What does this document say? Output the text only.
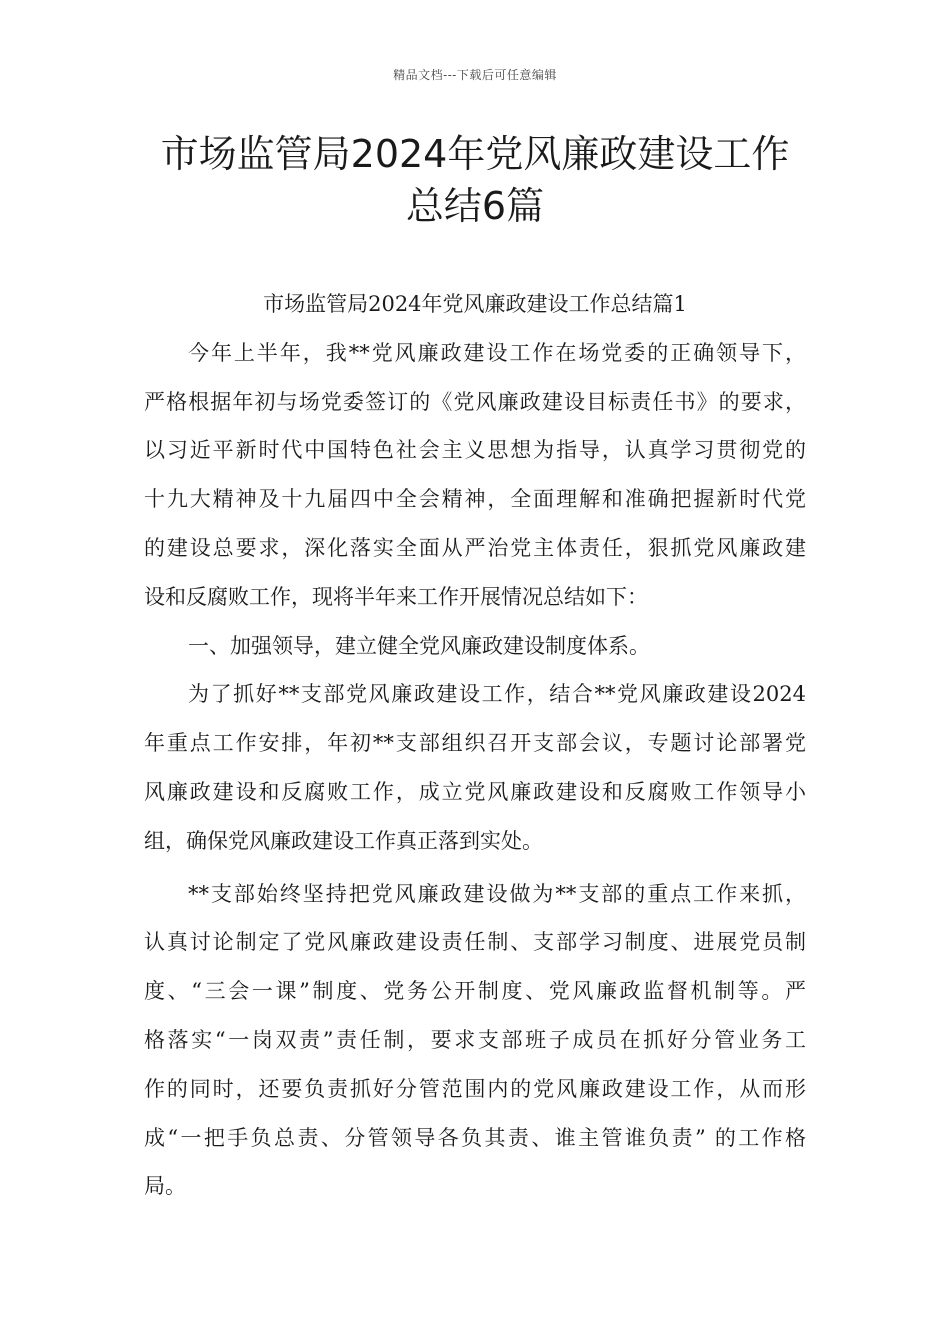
精品文档---下载后可任意编辑
市场监管局2024年党风廉政建设工作
总结6篇

市场监管局2024年党风廉政建设工作总结篇1

今年上半年，我**党风廉政建设工作在场党委的正确领导下，
严格根据年初与场党委签订的《党风廉政建设目标责任书》的要求，
以习近平新时代中国特色社会主义思想为指导，认真学习贯彻党的
十九大精神及十九届四中全会精神，全面理解和准确把握新时代党
的建设总要求，深化落实全面从严治党主体责任，狠抓党风廉政建
设和反腐败工作，现将半年来工作开展情况总结如下：

一、加强领导，建立健全党风廉政建设制度体系。

为了抓好**支部党风廉政建设工作，结合**党风廉政建设2024
年重点工作安排，年初**支部组织召开支部会议，专题讨论部署党
风廉政建设和反腐败工作，成立党风廉政建设和反腐败工作领导小
组，确保党风廉政建设工作真正落到实处。

**支部始终坚持把党风廉政建设做为**支部的重点工作来抓，
认真讨论制定了党风廉政建设责任制、支部学习制度、进展党员制
度、“三会一课”制度、党务公开制度、党风廉政监督机制等。严
格落实“一岗双责”责任制，要求支部班子成员在抓好分管业务工
作的同时，还要负责抓好分管范围内的党风廉政建设工作，从而形
成“一把手负总责、分管领导各负其责、谁主管谁负责” 的工作格
局。
